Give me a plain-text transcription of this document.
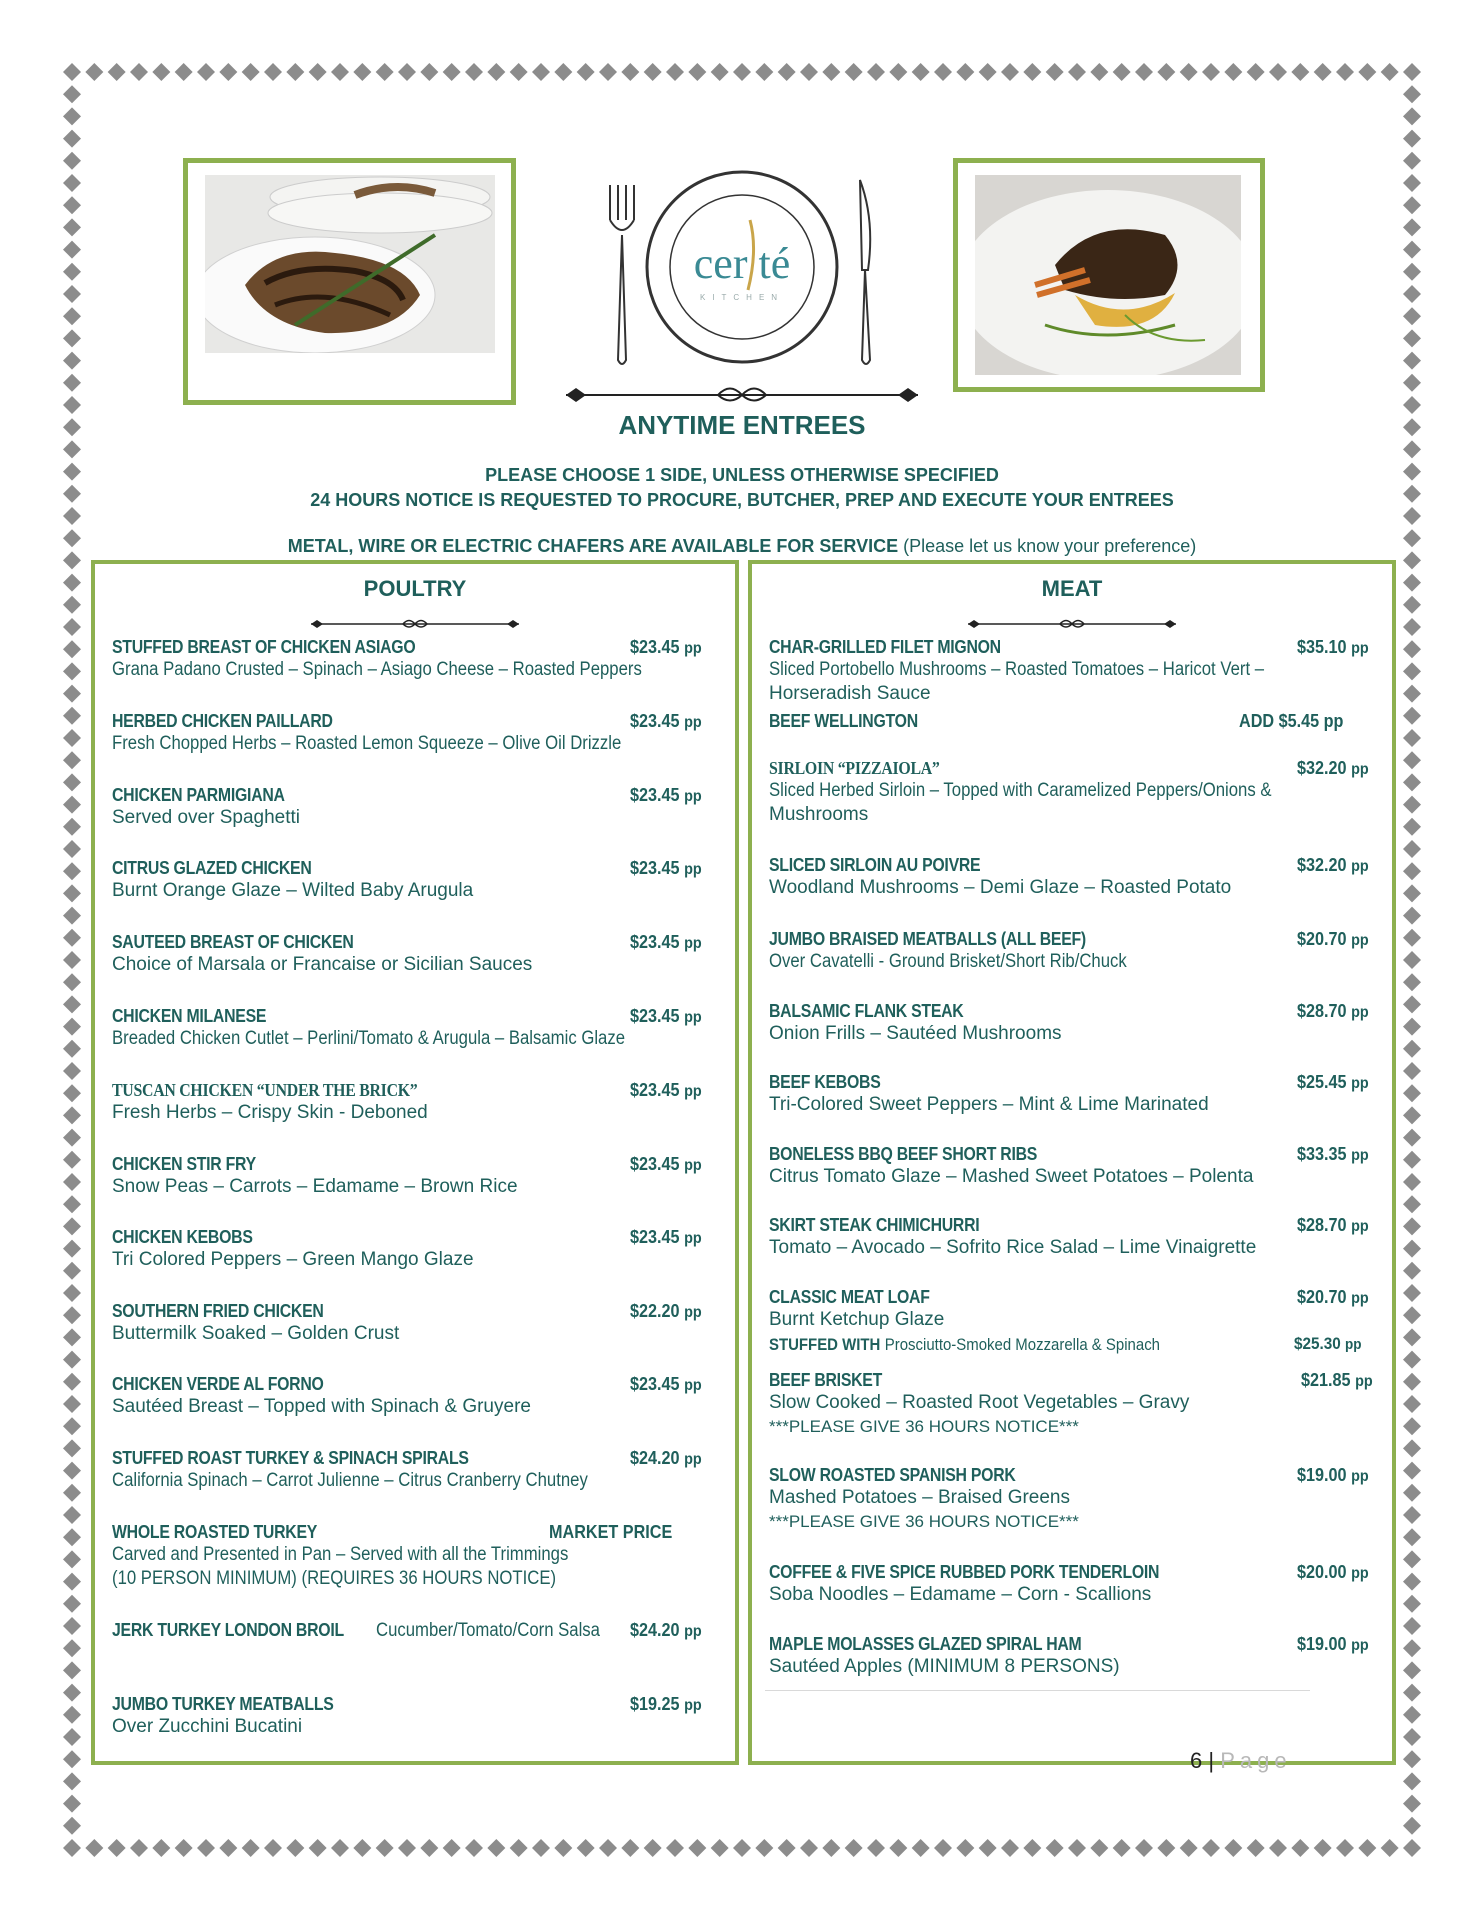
cer té
KITCHEN
ANYTIME ENTREES
PLEASE CHOOSE 1 SIDE, UNLESS OTHERWISE SPECIFIED
24 HOURS NOTICE IS REQUESTED TO PROCURE, BUTCHER, PREP AND EXECUTE YOUR ENTREES
METAL, WIRE OR ELECTRIC CHAFERS ARE AVAILABLE FOR SERVICE (Please let us know your preference)
POULTRY
STUFFED BREAST OF CHICKEN ASIAGO	$23.45 pp
Grana Padano Crusted – Spinach – Asiago Cheese – Roasted Peppers
HERBED CHICKEN PAILLARD	$23.45 pp
Fresh Chopped Herbs – Roasted Lemon Squeeze – Olive Oil Drizzle
CHICKEN PARMIGIANA	$23.45 pp
Served over Spaghetti
CITRUS GLAZED CHICKEN	$23.45 pp
Burnt Orange Glaze – Wilted Baby Arugula
SAUTEED BREAST OF CHICKEN	$23.45 pp
Choice of Marsala or Francaise or Sicilian Sauces
CHICKEN MILANESE	$23.45 pp
Breaded Chicken Cutlet – Perlini/Tomato & Arugula – Balsamic Glaze
TUSCAN CHICKEN “UNDER THE BRICK”	$23.45 pp
Fresh Herbs – Crispy Skin - Deboned
CHICKEN STIR FRY	$23.45 pp
Snow Peas – Carrots – Edamame – Brown Rice
CHICKEN KEBOBS	$23.45 pp
Tri Colored Peppers – Green Mango Glaze
SOUTHERN FRIED CHICKEN	$22.20 pp
Buttermilk Soaked – Golden Crust
CHICKEN VERDE AL FORNO	$23.45 pp
Sautéed Breast – Topped with Spinach & Gruyere
STUFFED ROAST TURKEY & SPINACH SPIRALS	$24.20 pp
California Spinach – Carrot Julienne – Citrus Cranberry Chutney
WHOLE ROASTED TURKEY	MARKET PRICE
Carved and Presented in Pan – Served with all the Trimmings(10 PERSON MINIMUM) (REQUIRES 36 HOURS NOTICE)
JERK TURKEY LONDON BROIL	$24.20 pp
Cucumber/Tomato/Corn Salsa
JUMBO TURKEY MEATBALLS	$19.25 pp
Over Zucchini Bucatini
MEAT
CHAR-GRILLED FILET MIGNON	$35.10 pp
Sliced Portobello Mushrooms – Roasted Tomatoes – Haricot Vert –
Horseradish Sauce
BEEF WELLINGTON	ADD $5.45 pp
SIRLOIN “PIZZAIOLA”	$32.20 pp
Sliced Herbed Sirloin – Topped with Caramelized Peppers/Onions &
Mushrooms
SLICED SIRLOIN AU POIVRE	$32.20 pp
Woodland Mushrooms – Demi Glaze – Roasted Potato
JUMBO BRAISED MEATBALLS (ALL BEEF)	$20.70 pp
Over Cavatelli - Ground Brisket/Short Rib/Chuck
BALSAMIC FLANK STEAK	$28.70 pp
Onion Frills – Sautéed Mushrooms
BEEF KEBOBS	$25.45 pp
Tri-Colored Sweet Peppers – Mint & Lime Marinated
BONELESS BBQ BEEF SHORT RIBS	$33.35 pp
Citrus Tomato Glaze – Mashed Sweet Potatoes – Polenta
SKIRT STEAK CHIMICHURRI	$28.70 pp
Tomato – Avocado – Sofrito Rice Salad – Lime Vinaigrette
CLASSIC MEAT LOAF	$20.70 pp
Burnt Ketchup Glaze
STUFFED WITH Prosciutto-Smoked Mozzarella & Spinach	$25.30 pp
BEEF BRISKET	$21.85 pp
Slow Cooked – Roasted Root Vegetables – Gravy
***PLEASE GIVE 36 HOURS NOTICE***
SLOW ROASTED SPANISH PORK	$19.00 pp
Mashed Potatoes – Braised Greens
***PLEASE GIVE 36 HOURS NOTICE***
COFFEE & FIVE SPICE RUBBED PORK TENDERLOIN	$20.00 pp
Soba Noodles – Edamame – Corn - Scallions
MAPLE MOLASSES GLAZED SPIRAL HAM	$19.00 pp
Sautéed Apples (MINIMUM 8 PERSONS)
6 | Page
